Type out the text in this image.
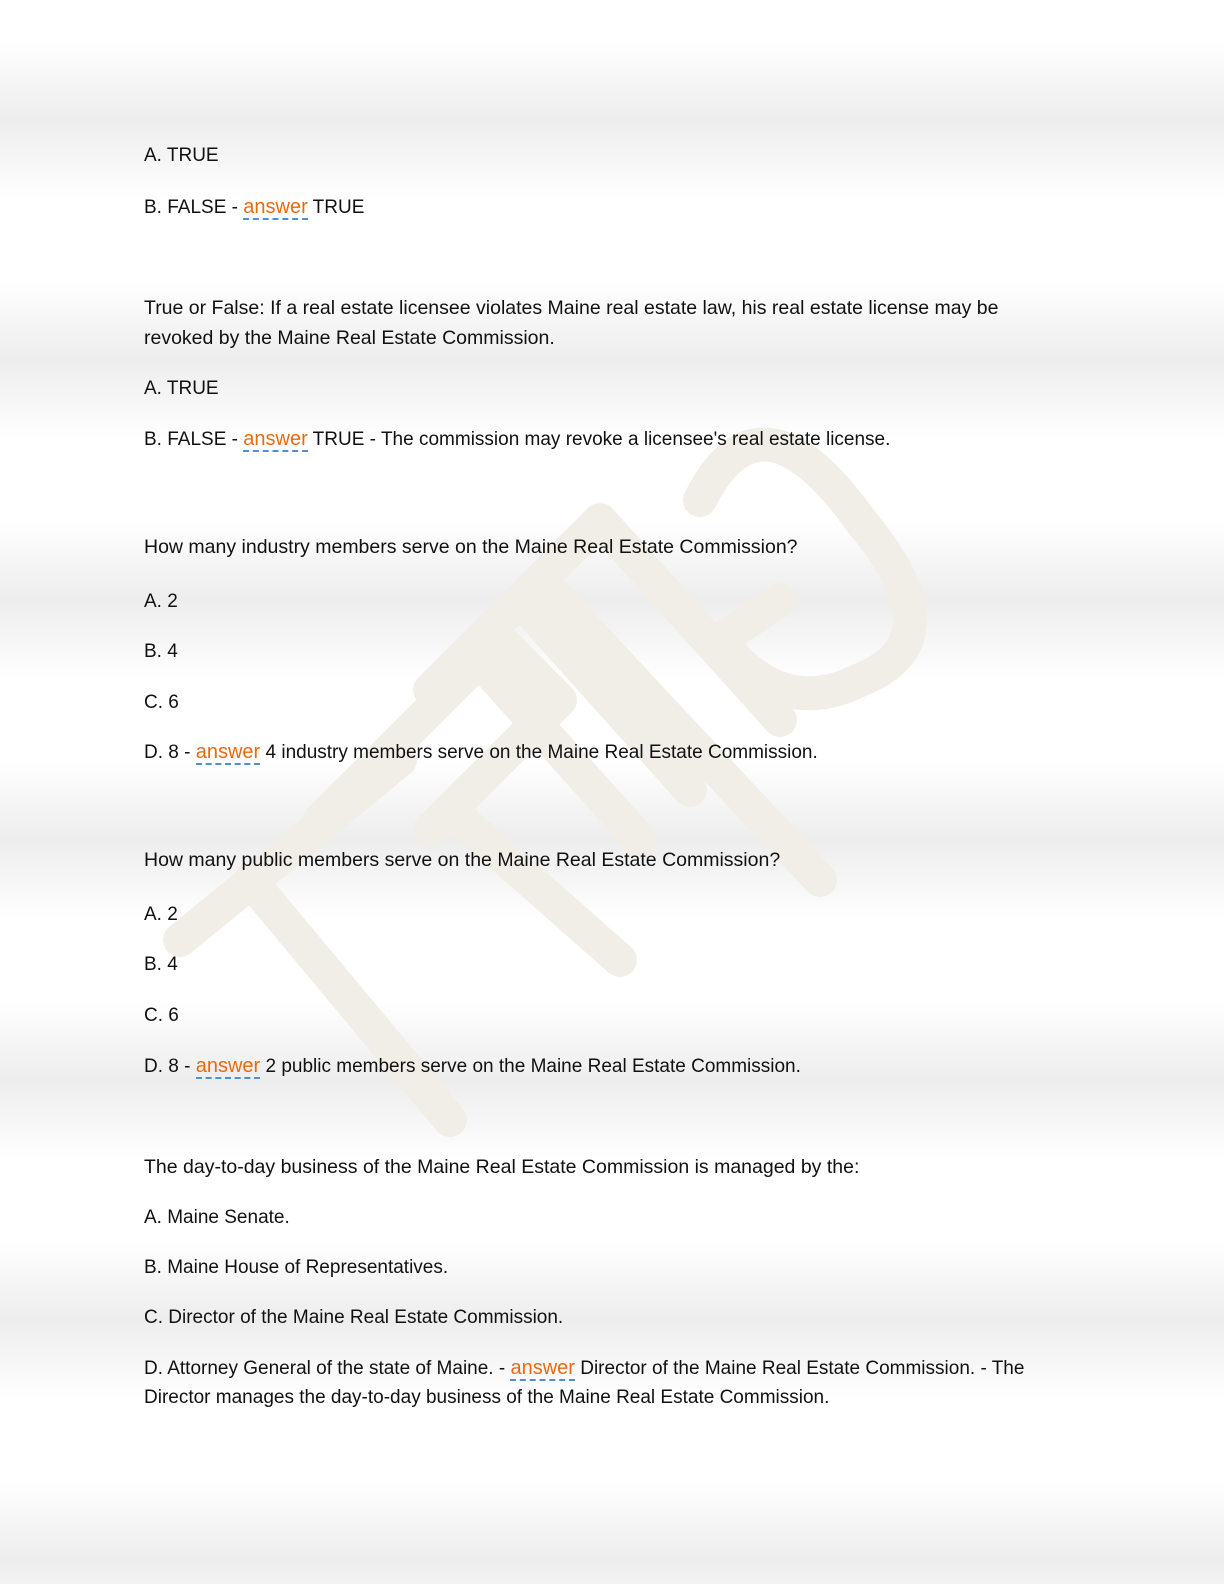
A. TRUE

B. FALSE - answer TRUE

True or False: If a real estate licensee violates Maine real estate law, his real estate license may be

revoked by the Maine Real Estate Commission.

A. TRUE

B. FALSE - answer TRUE - The commission may revoke a licensee's real estate license.

How many industry members serve on the Maine Real Estate Commission?

A. 2

B. 4

C. 6

D. 8 - answer 4 industry members serve on the Maine Real Estate Commission.

How many public members serve on the Maine Real Estate Commission?

A. 2

B. 4

C. 6

D. 8 - answer 2 public members serve on the Maine Real Estate Commission.

The day-to-day business of the Maine Real Estate Commission is managed by the:

A. Maine Senate.

B. Maine House of Representatives.

C. Director of the Maine Real Estate Commission.

D. Attorney General of the state of Maine. - answer Director of the Maine Real Estate Commission. - The

Director manages the day-to-day business of the Maine Real Estate Commission.
